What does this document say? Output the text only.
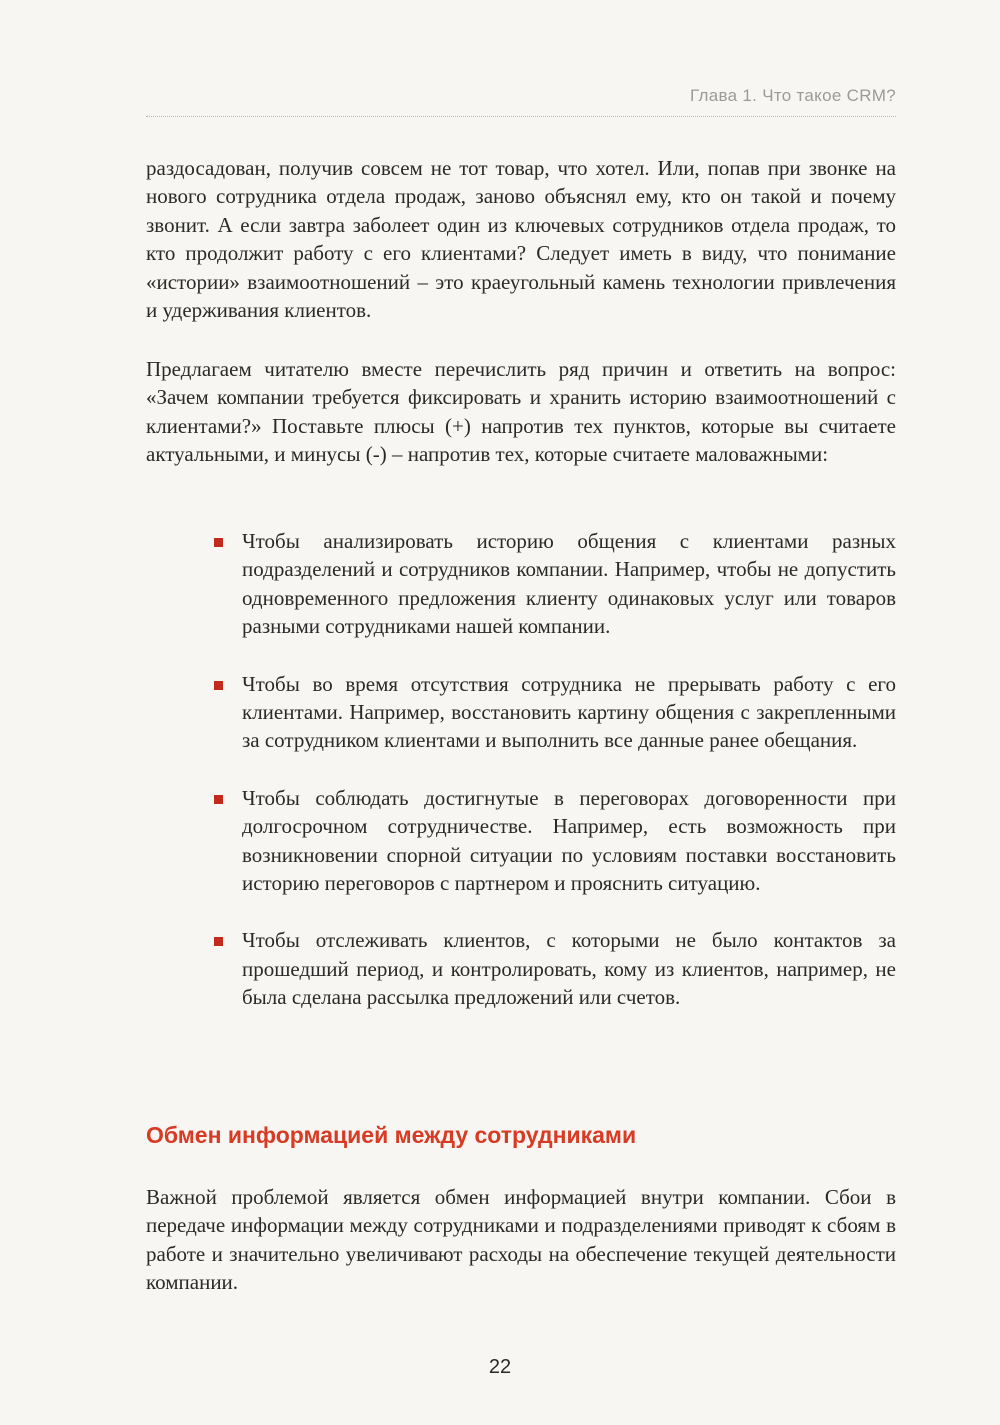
Глава 1. Что такое CRM?

раздосадован, получив совсем не тот товар, что хотел. Или, попав при звонке на нового сотрудника отдела продаж, заново объяснял ему, кто он такой и почему звонит. А если завтра заболеет один из ключевых сотрудников отдела продаж, то кто продолжит работу с его клиентами? Следует иметь в виду, что понимание «истории» взаимоотношений – это краеугольный камень технологии привлечения и удерживания клиентов.

Предлагаем читателю вместе перечислить ряд причин и ответить на вопрос: «Зачем компании требуется фиксировать и хранить историю взаимоотношений с клиентами?» Поставьте плюсы (+) напротив тех пунктов, которые вы считаете актуальными, и минусы (-) – напротив тех, которые считаете маловажными:

Чтобы анализировать историю общения с клиентами разных подразделений и сотрудников компании. Например, чтобы не допустить одновременного предложения клиенту одинаковых услуг или товаров разными сотрудниками нашей компании.
Чтобы во время отсутствия сотрудника не прерывать работу с его клиентами. Например, восстановить картину общения с закрепленными за сотрудником клиентами и выполнить все данные ранее обещания.
Чтобы соблюдать достигнутые в переговорах договоренности при долгосрочном сотрудничестве. Например, есть возможность при возникновении спорной ситуации по условиям поставки восстановить историю переговоров с партнером и прояснить ситуацию.
Чтобы отслеживать клиентов, с которыми не было контактов за прошедший период, и контролировать, кому из клиентов, например, не была сделана рассылка предложений или счетов.
Обмен информацией между сотрудниками

Важной проблемой является обмен информацией внутри компании. Сбои в передаче информации между сотрудниками и подразделениями приводят к сбоям в работе и значительно увеличивают расходы на обеспечение текущей деятельности компании.

22
